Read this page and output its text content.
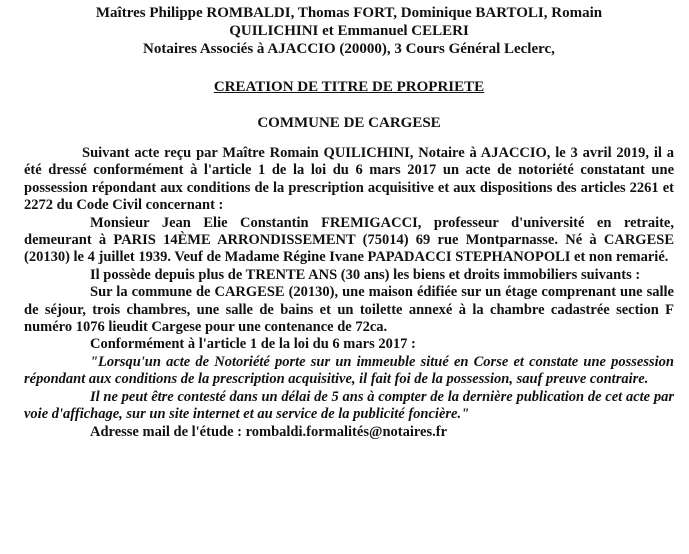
Maîtres Philippe ROMBALDI, Thomas FORT, Dominique BARTOLI, Romain
QUILICHINI et Emmanuel CELERI
Notaires Associés à AJACCIO (20000), 3 Cours Général Leclerc,
CREATION DE TITRE DE PROPRIETE
COMMUNE DE CARGESE

Suivant acte reçu par Maître Romain QUILICHINI, Notaire à AJACCIO, le 3 avril 2019, il a été dressé conformément à l'article 1 de la loi du 6 mars 2017 un acte de notoriété constatant une possession répondant aux conditions de la prescription acquisitive et aux dispositions des articles 2261 et 2272 du Code Civil concernant :

Monsieur Jean Elie Constantin FREMIGACCI, professeur d'université en retraite, demeurant à PARIS 14ÈME ARRONDISSEMENT (75014) 69 rue Montparnasse. Né à CARGESE (20130) le 4 juillet 1939. Veuf de Madame Régine Ivane PAPADACCI STEPHANOPOLI et non remarié.

Il possède depuis plus de TRENTE ANS (30 ans) les biens et droits immobiliers suivants :

Sur la commune de CARGESE (20130), une maison édifiée sur un étage comprenant une salle de séjour, trois chambres, une salle de bains et un toilette annexé à la chambre cadastrée section F numéro 1076 lieudit Cargese pour une contenance de 72ca.

Conformément à l'article 1 de la loi du 6 mars 2017 :

"Lorsqu'un acte de Notoriété porte sur un immeuble situé en Corse et constate une possession répondant aux conditions de la prescription acquisitive, il fait foi de la possession, sauf preuve contraire.

Il ne peut être contesté dans un délai de 5 ans à compter de la dernière publication de cet acte par voie d'affichage, sur un site internet et au service de la publicité foncière."

Adresse mail de l'étude : rombaldi.formalités@notaires.fr
